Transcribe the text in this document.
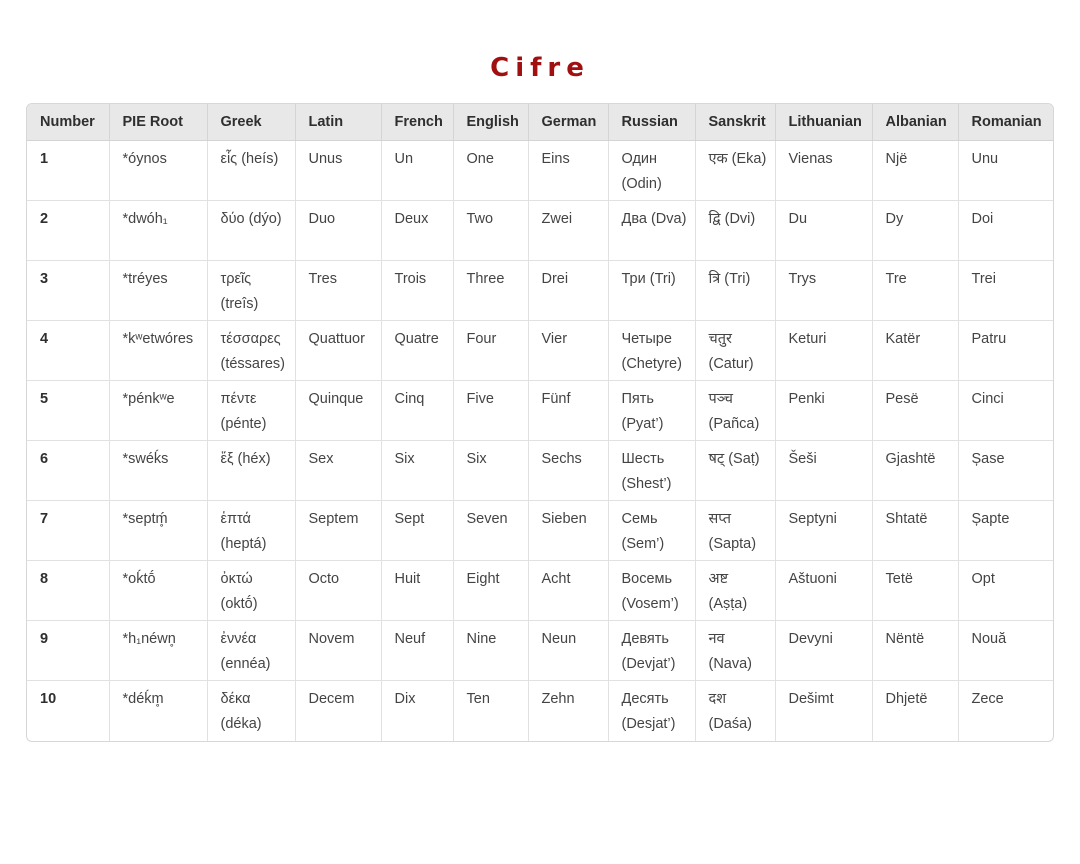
Cifre
Number	PIE Root	Greek	Latin	French	English	German	Russian	Sanskrit	Lithuanian	Albanian	Romanian
1	*óynos	εἷς (heís)	Unus	Un	One	Eins	Один (Odin)	एक (Eka)	Vienas	Një	Unu
2	*dwóh₁	δύο (dýo)	Duo	Deux	Two	Zwei	Два (Dva)	द्वि (Dvi)	Du	Dy	Doi
3	*tréyes	τρεῖς (treîs)	Tres	Trois	Three	Drei	Три (Tri)	त्रि (Tri)	Trys	Tre	Trei
4	*kʷetwóres	τέσσαρες (téssares)	Quattuor	Quatre	Four	Vier	Четыре (Chetyre)	चतुर (Catur)	Keturi	Katër	Patru
5	*pénkʷe	πέντε (pénte)	Quinque	Cinq	Five	Fünf	Пять (Pyat’)	पञ्च (Pañca)	Penki	Pesë	Cinci
6	*swéḱs	ἕξ (héx)	Sex	Six	Six	Sechs	Шесть (Shest’)	षट् (Saṭ)	Šeši	Gjashtë	Șase
7	*septḿ̥	ἑπτά (heptá)	Septem	Sept	Seven	Sieben	Семь (Sem’)	सप्त (Sapta)	Septyni	Shtatë	Șapte
8	*oḱtṓ	ὀκτώ (oktṓ)	Octo	Huit	Eight	Acht	Восемь (Vosem’)	अष्ट (Aṣṭa)	Aštuoni	Tetë	Opt
9	*h₁néwn̥	ἐννέα (ennéa)	Novem	Neuf	Nine	Neun	Девять (Devjat’)	नव (Nava)	Devyni	Nëntë	Nouă
10	*déḱm̥	δέκα (déka)	Decem	Dix	Ten	Zehn	Десять (Desjat’)	दश (Daśa)	Dešimt	Dhjetë	Zece
